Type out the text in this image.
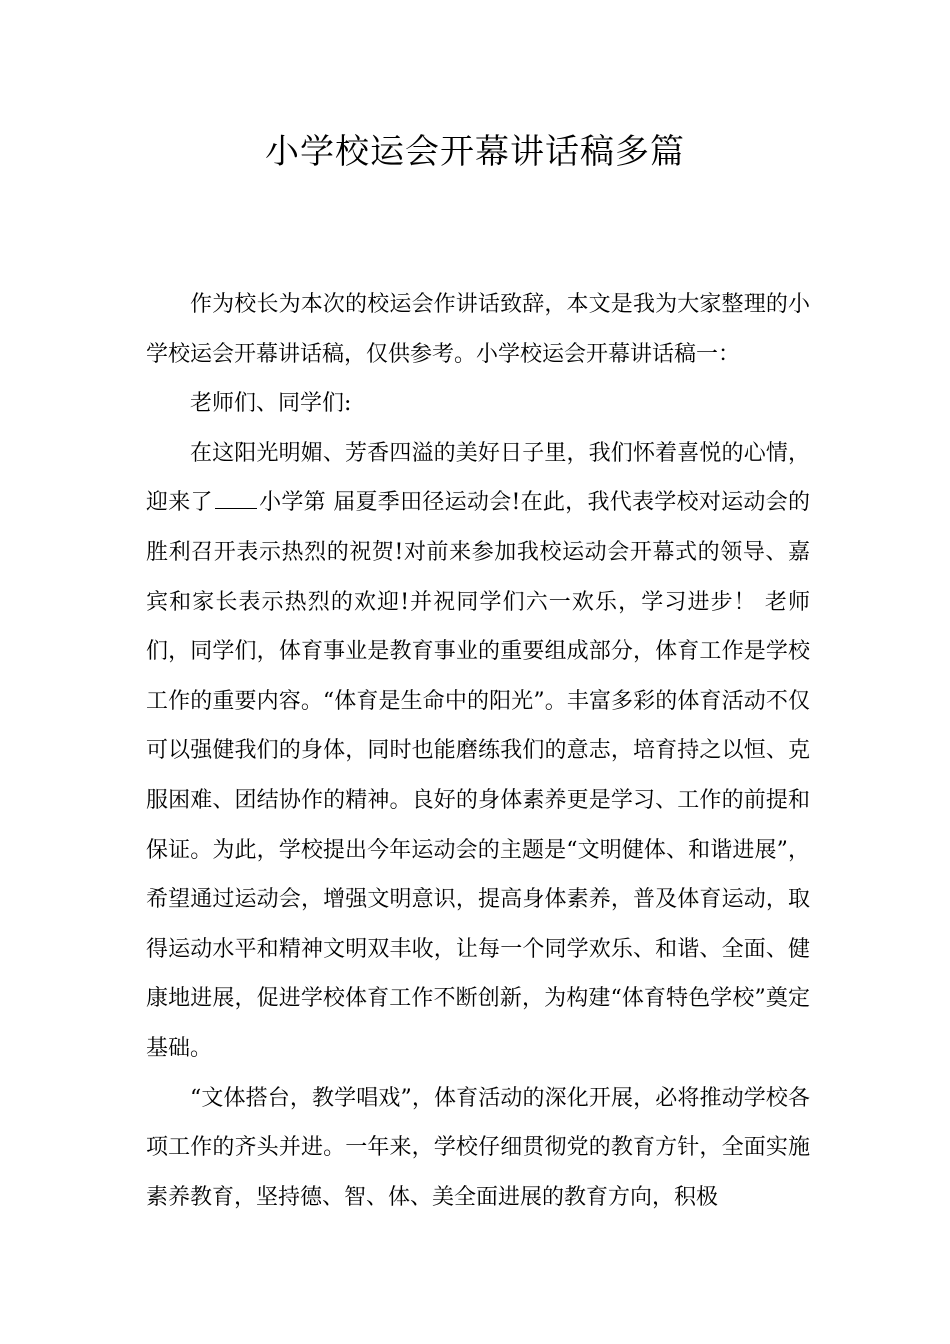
小学校运会开幕讲话稿多篇

作为校长为本次的校运会作讲话致辞，本文是我为大家整理的小学校运会开幕讲话稿，仅供参考。小学校运会开幕讲话稿一：

老师们、同学们:

在这阳光明媚、芳香四溢的美好日子里，我们怀着喜悦的心情，迎来了 小学第 届夏季田径运动会!在此，我代表学校对运动会的胜利召开表示热烈的祝贺!对前来参加我校运动会开幕式的领导、嘉宾和家长表示热烈的欢迎!并祝同学们六一欢乐，学习进步！ 老师们，同学们，体育事业是教育事业的重要组成部分，体育工作是学校工作的重要内容。“体育是生命中的阳光”。丰富多彩的体育活动不仅可以强健我们的身体，同时也能磨练我们的意志，培育持之以恒、克服困难、团结协作的精神。良好的身体素养更是学习、工作的前提和保证。为此，学校提出今年运动会的主题是“文明健体、和谐进展”，希望通过运动会，增强文明意识，提高身体素养，普及体育运动，取得运动水平和精神文明双丰收，让每一个同学欢乐、和谐、全面、健康地进展，促进学校体育工作不断创新，为构建“体育特色学校”奠定基础。

“文体搭台，教学唱戏”，体育活动的深化开展，必将推动学校各项工作的齐头并进。一年来，学校仔细贯彻党的教育方针，全面实施素养教育，坚持德、智、体、美全面进展的教育方向，积极
